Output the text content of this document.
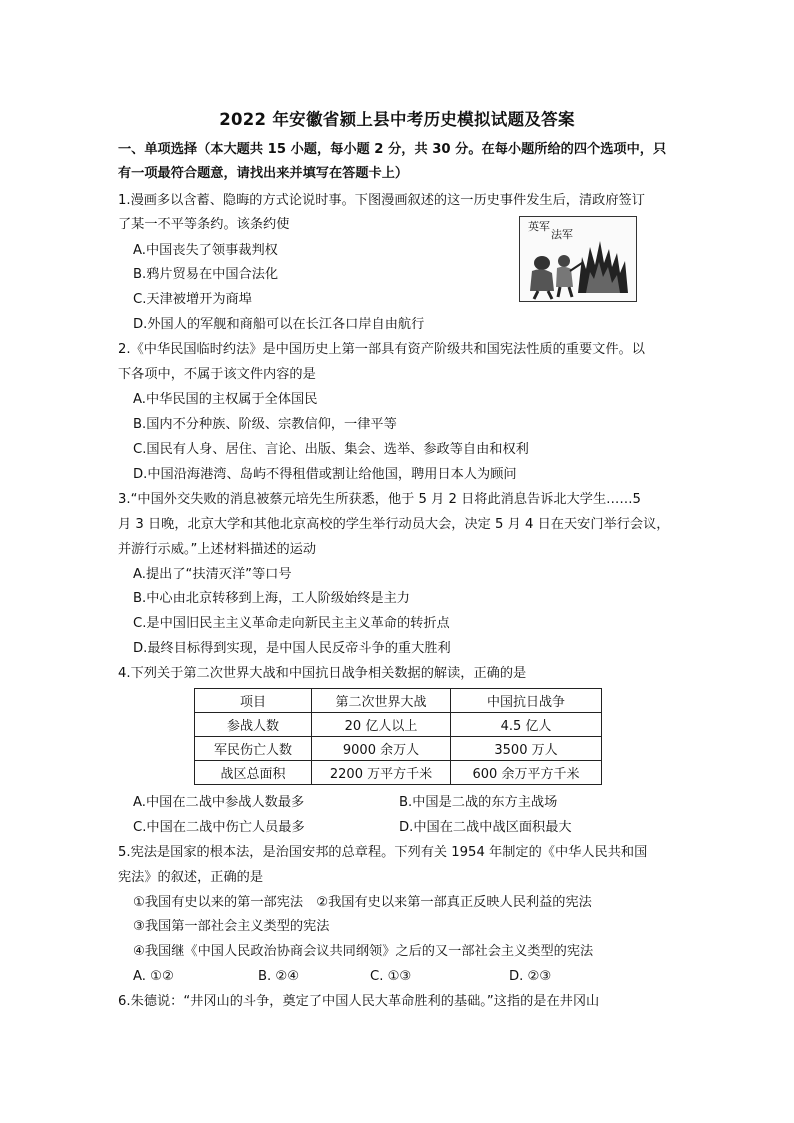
2022 年安徽省颍上县中考历史模拟试题及答案
一、单项选择（本大题共 15 小题，每小题 2 分，共 30 分。在每小题所给的四个选项中，只
有一项最符合题意，请找出来并填写在答题卡上）
1.漫画多以含蓄、隐晦的方式论说时事。下图漫画叙述的这一历史事件发生后，清政府签订
了某一不平等条约。该条约使
A.中国丧失了领事裁判权
B.鸦片贸易在中国合法化
C.天津被增开为商埠
D.外国人的军舰和商船可以在长江各口岸自由航行
英军
法军
2.《中华民国临时约法》是中国历史上第一部具有资产阶级共和国宪法性质的重要文件。以
下各项中，不属于该文件内容的是
A.中华民国的主权属于全体国民
B.国内不分种族、阶级、宗教信仰，一律平等
C.国民有人身、居住、言论、出版、集会、选举、参政等自由和权利
D.中国沿海港湾、岛屿不得租借或割让给他国，聘用日本人为顾问
3.“中国外交失败的消息被蔡元培先生所获悉，他于 5 月 2 日将此消息告诉北大学生……5
月 3 日晚，北京大学和其他北京高校的学生举行动员大会，决定 5 月 4 日在天安门举行会议，
并游行示威。”上述材料描述的运动
A.提出了“扶清灭洋”等口号
B.中心由北京转移到上海，工人阶级始终是主力
C.是中国旧民主主义革命走向新民主主义革命的转折点
D.最终目标得到实现，是中国人民反帝斗争的重大胜利
4.下列关于第二次世界大战和中国抗日战争相关数据的解读，正确的是
项目	第二次世界大战	中国抗日战争
参战人数	20 亿人以上	4.5 亿人
军民伤亡人数	9000 余万人	3500 万人
战区总面积	2200 万平方千米	600 余万平方千米
A.中国在二战中参战人数最多	B.中国是二战的东方主战场
C.中国在二战中伤亡人员最多	D.中国在二战中战区面积最大
5.宪法是国家的根本法，是治国安邦的总章程。下列有关 1954 年制定的《中华人民共和国
宪法》的叙述，正确的是
①我国有史以来的第一部宪法　②我国有史以来第一部真正反映人民利益的宪法
③我国第一部社会主义类型的宪法
④我国继《中国人民政治协商会议共同纲领》之后的又一部社会主义类型的宪法
A. ①②	B. ②④	C. ①③	D. ②③
6.朱德说：“井冈山的斗争，奠定了中国人民大革命胜利的基础。”这指的是在井冈山
